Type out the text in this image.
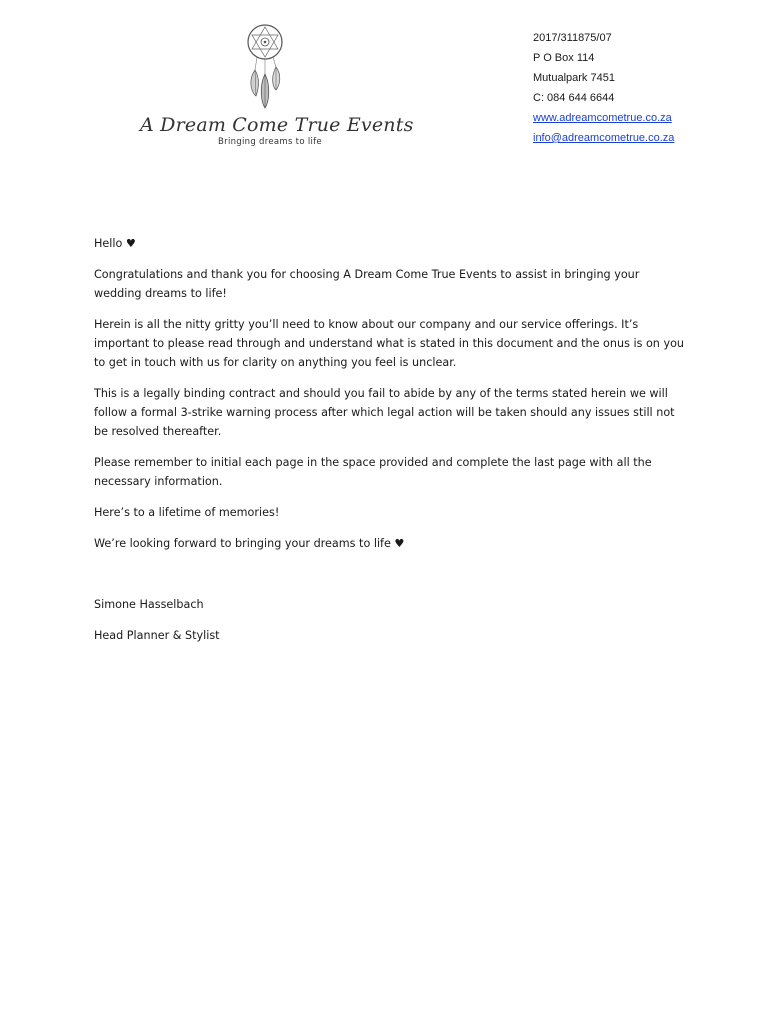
A Dream Come True Events
Bringing dreams to life
2017/311875/07
P O Box 114
Mutualpark 7451
C: 084 644 6644
www.adreamcometrue.co.za
info@adreamcometrue.co.za

Hello ♥

Congratulations and thank you for choosing A Dream Come True Events to assist in bringing your wedding dreams to life!

Herein is all the nitty gritty you’ll need to know about our company and our service offerings. It’s important to please read through and understand what is stated in this document and the onus is on you to get in touch with us for clarity on anything you feel is unclear.

This is a legally binding contract and should you fail to abide by any of the terms stated herein we will follow a formal 3-strike warning process after which legal action will be taken should any issues still not be resolved thereafter.

Please remember to initial each page in the space provided and complete the last page with all the necessary information.

Here’s to a lifetime of memories!

We’re looking forward to bringing your dreams to life ♥

Simone Hasselbach

Head Planner & Stylist
